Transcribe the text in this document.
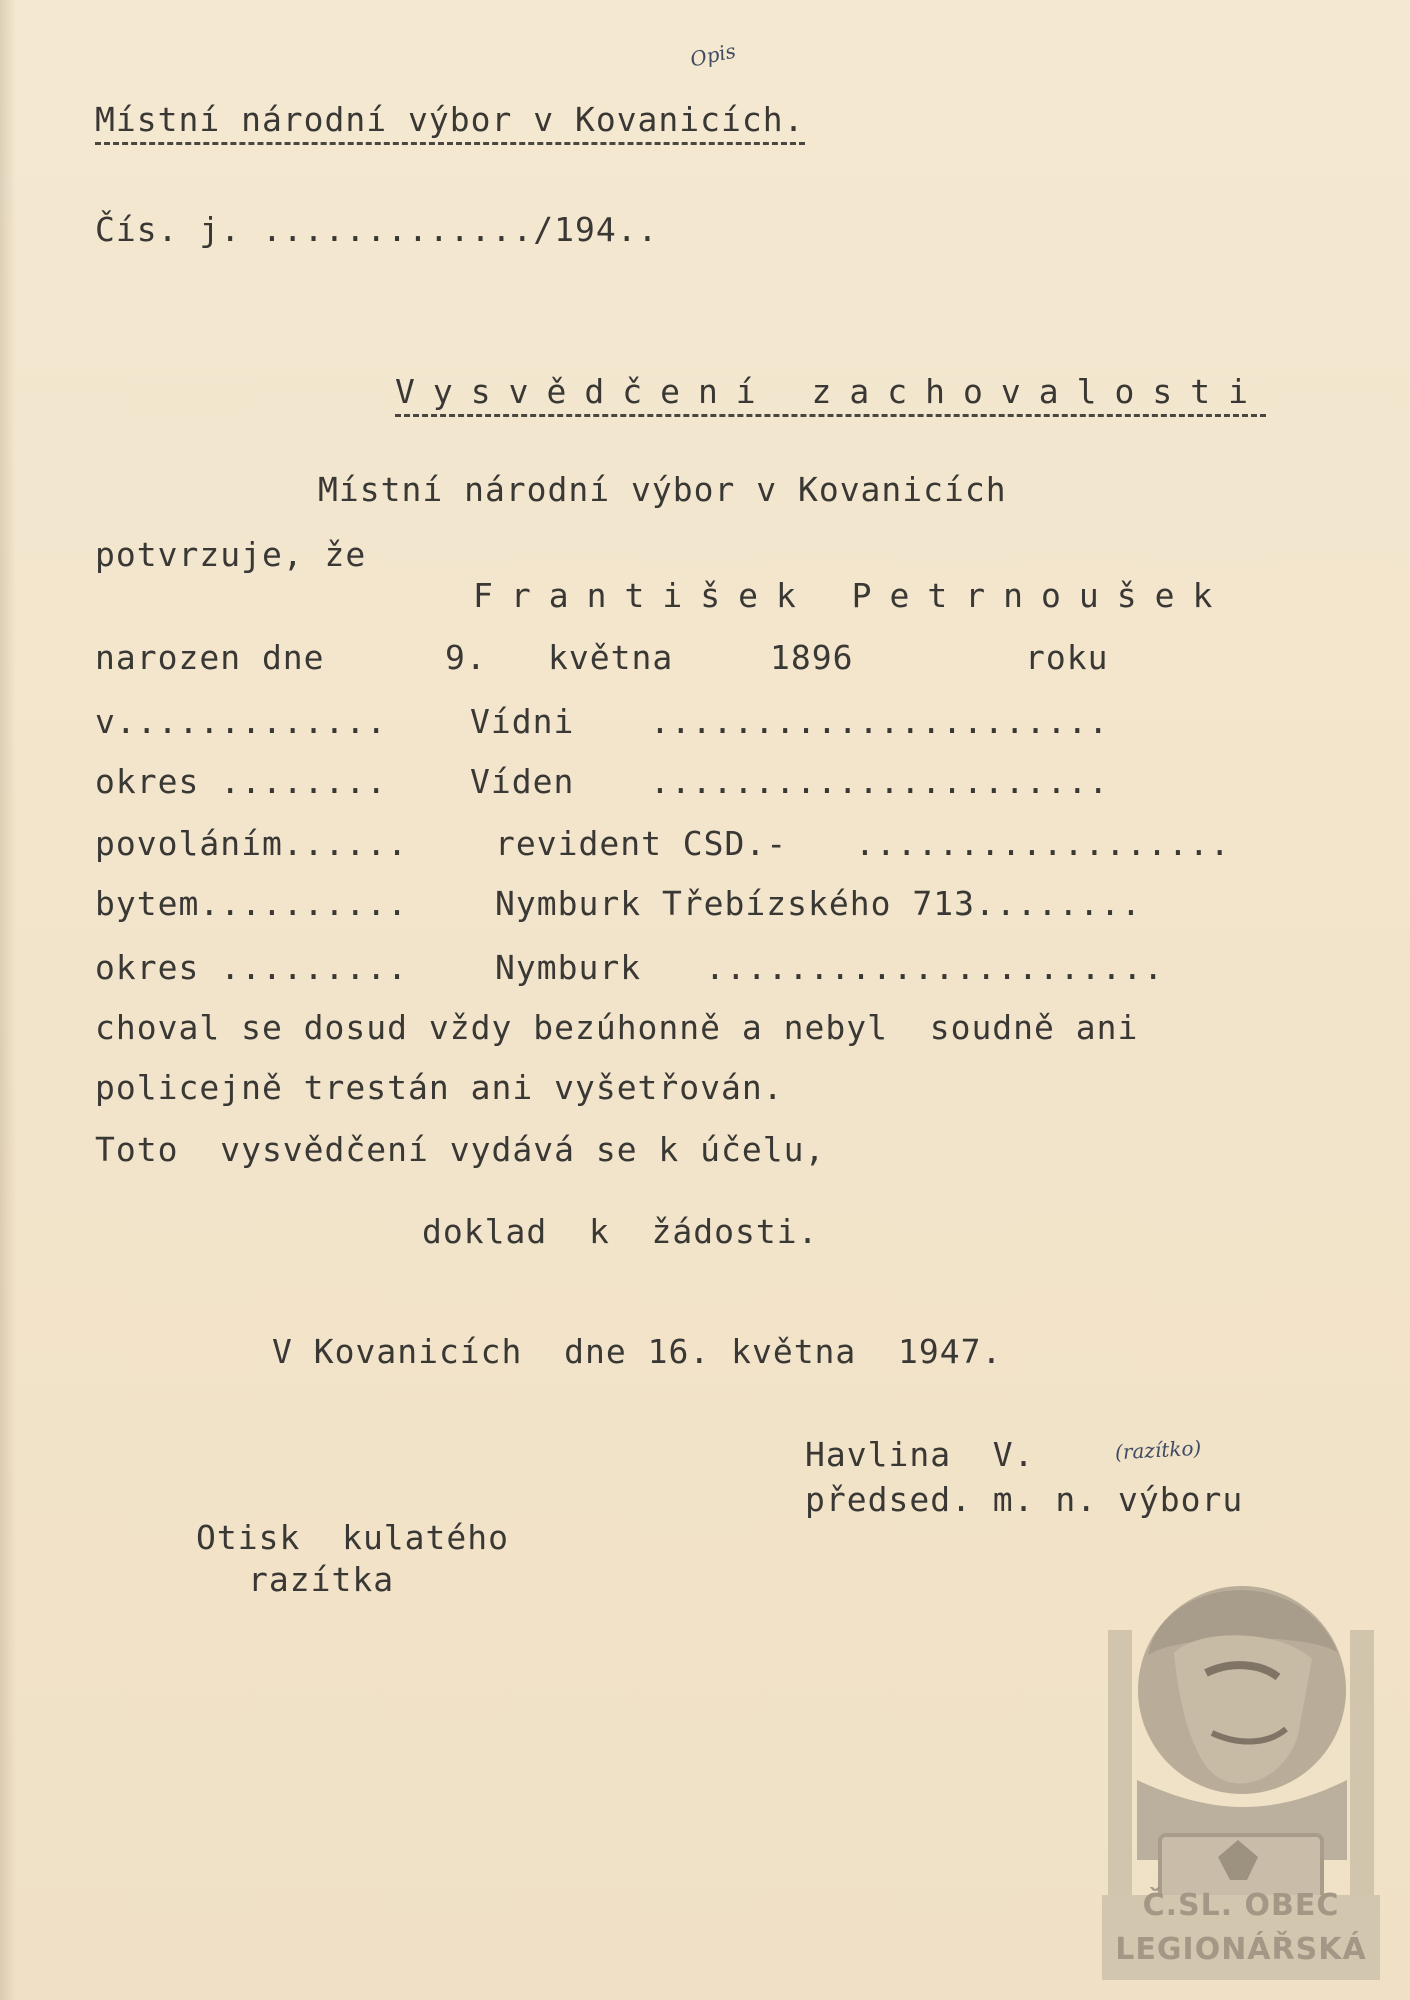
Opis
Místní národní výbor v Kovanicích.
Čís. j. ............./194..
Vysvědčení zachovalosti
Místní národní výbor v Kovanicích
potvrzuje, že
František Petrnoušek
narozen dne	9. května	1896	roku
v.............	Vídni ......................
okres ........	Víden ......................
povoláním......	revident CSD.- ..................
bytem..........	Nymburk Třebízského 713........
okres .........	Nymburk ......................
choval se dosud vždy bezúhonně a nebyl  soudně ani
policejně trestán ani vyšetřován.
Toto  vysvědčení vydává se k účelu,
doklad  k  žádosti.
V Kovanicích  dne 16. května  1947.
Havlina  V.	(razítko)
předsed. m. n. výboru
Otisk  kulatého
razítka
Č.SL. OBEC
LEGIONÁŘSKÁ
